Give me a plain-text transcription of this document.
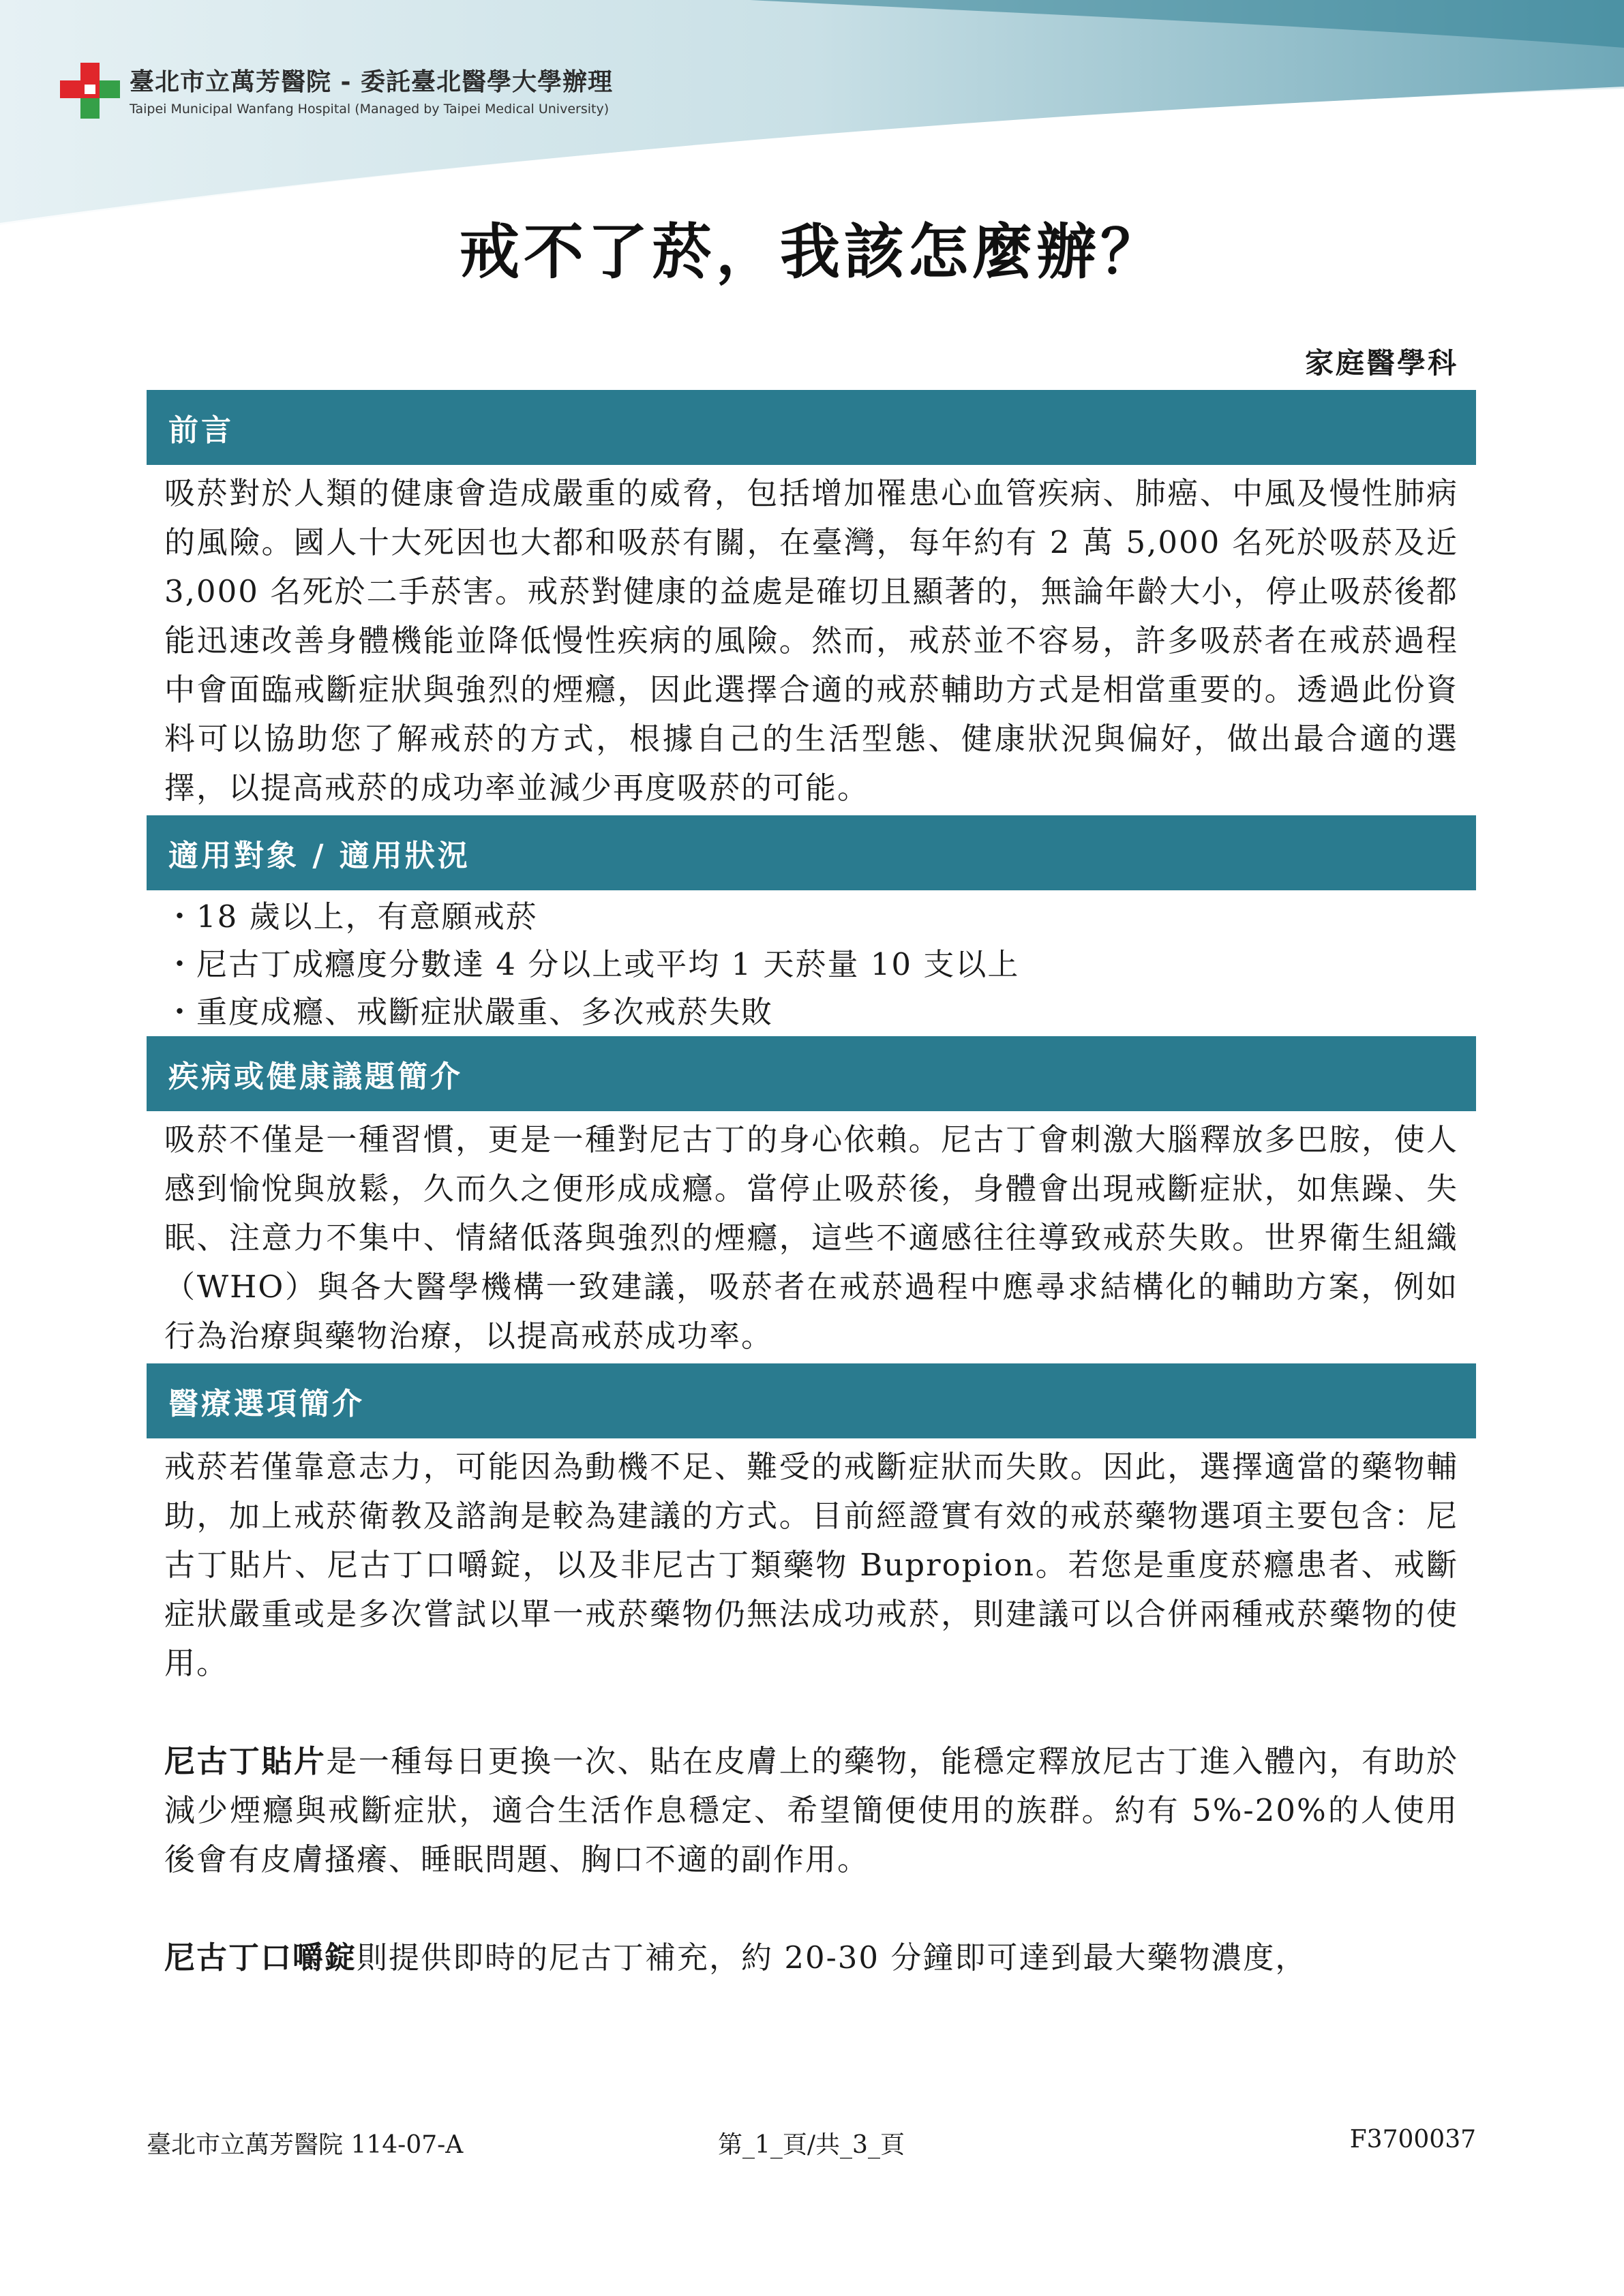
臺北市立萬芳醫院 - 委託臺北醫學大學辦理
Taipei Municipal Wanfang Hospital (Managed by Taipei Medical University)
戒不了菸，我該怎麼辦？
家庭醫學科
前言

吸菸對於人類的健康會造成嚴重的威脅，包括增加罹患心血管疾病、肺癌、中風及慢性肺病的風險。國人十大死因也大都和吸菸有關，在臺灣，每年約有 2 萬 5,000 名死於吸菸及近 3,000 名死於二手菸害。戒菸對健康的益處是確切且顯著的，無論年齡大小，停止吸菸後都能迅速改善身體機能並降低慢性疾病的風險。然而，戒菸並不容易，許多吸菸者在戒菸過程中會面臨戒斷症狀與強烈的煙癮，因此選擇合適的戒菸輔助方式是相當重要的。透過此份資料可以協助您了解戒菸的方式，根據自己的生活型態、健康狀況與偏好，做出最合適的選擇，以提高戒菸的成功率並減少再度吸菸的可能。

適用對象 / 適用狀況
・18 歲以上，有意願戒菸
・尼古丁成癮度分數達 4 分以上或平均 1 天菸量 10 支以上
・重度成癮、戒斷症狀嚴重、多次戒菸失敗
疾病或健康議題簡介

吸菸不僅是一種習慣，更是一種對尼古丁的身心依賴。尼古丁會刺激大腦釋放多巴胺，使人感到愉悅與放鬆，久而久之便形成成癮。當停止吸菸後，身體會出現戒斷症狀，如焦躁、失眠、注意力不集中、情緒低落與強烈的煙癮，這些不適感往往導致戒菸失敗。世界衛生組織（WHO）與各大醫學機構一致建議，吸菸者在戒菸過程中應尋求結構化的輔助方案，例如行為治療與藥物治療，以提高戒菸成功率。

醫療選項簡介

戒菸若僅靠意志力，可能因為動機不足、難受的戒斷症狀而失敗。因此，選擇適當的藥物輔助，加上戒菸衛教及諮詢是較為建議的方式。目前經證實有效的戒菸藥物選項主要包含：尼古丁貼片、尼古丁口嚼錠，以及非尼古丁類藥物 Bupropion。若您是重度菸癮患者、戒斷症狀嚴重或是多次嘗試以單一戒菸藥物仍無法成功戒菸，則建議可以合併兩種戒菸藥物的使用。

尼古丁貼片是一種每日更換一次、貼在皮膚上的藥物，能穩定釋放尼古丁進入體內，有助於減少煙癮與戒斷症狀，適合生活作息穩定、希望簡便使用的族群。約有 5%-20%的人使用後會有皮膚搔癢、睡眠問題、胸口不適的副作用。

尼古丁口嚼錠則提供即時的尼古丁補充，約 20-30 分鐘即可達到最大藥物濃度，

臺北市立萬芳醫院 114-07-A	第_1_頁/共_3_頁	F3700037
